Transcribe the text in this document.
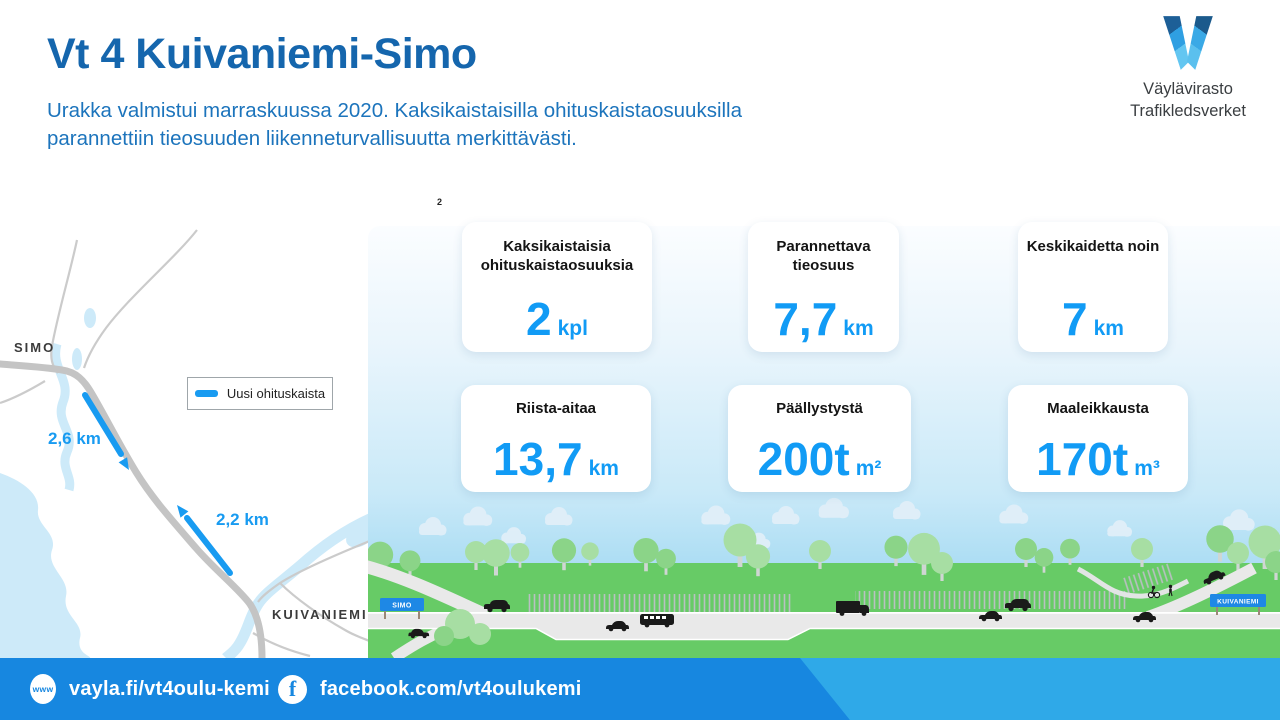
Vt 4 Kuivaniemi-Simo

Urakka valmistui marraskuussa 2020. Kaksikaistaisilla ohituskaistaosuuksilla parannettiin tieosuuden liikenneturvallisuutta merkittävästi.

2
Väylävirasto
Trafikledsverket
SIMO
KUIVANIEMI
2,6 km
2,2 km
Uusi ohituskaista
SIMO
KUIVANIEMI
Kaksikaistaisia ohituskaistaosuuksia
2 kpl
Parannettava tieosuus
7,7 km
Keskikaidetta noin
7 km
Riista-aitaa
13,7 km
Päällystystä
200t m²
Maaleikkausta
170t m³
www vayla.fi/vt4oulu-kemi f	facebook.com/vt4oulukemi
